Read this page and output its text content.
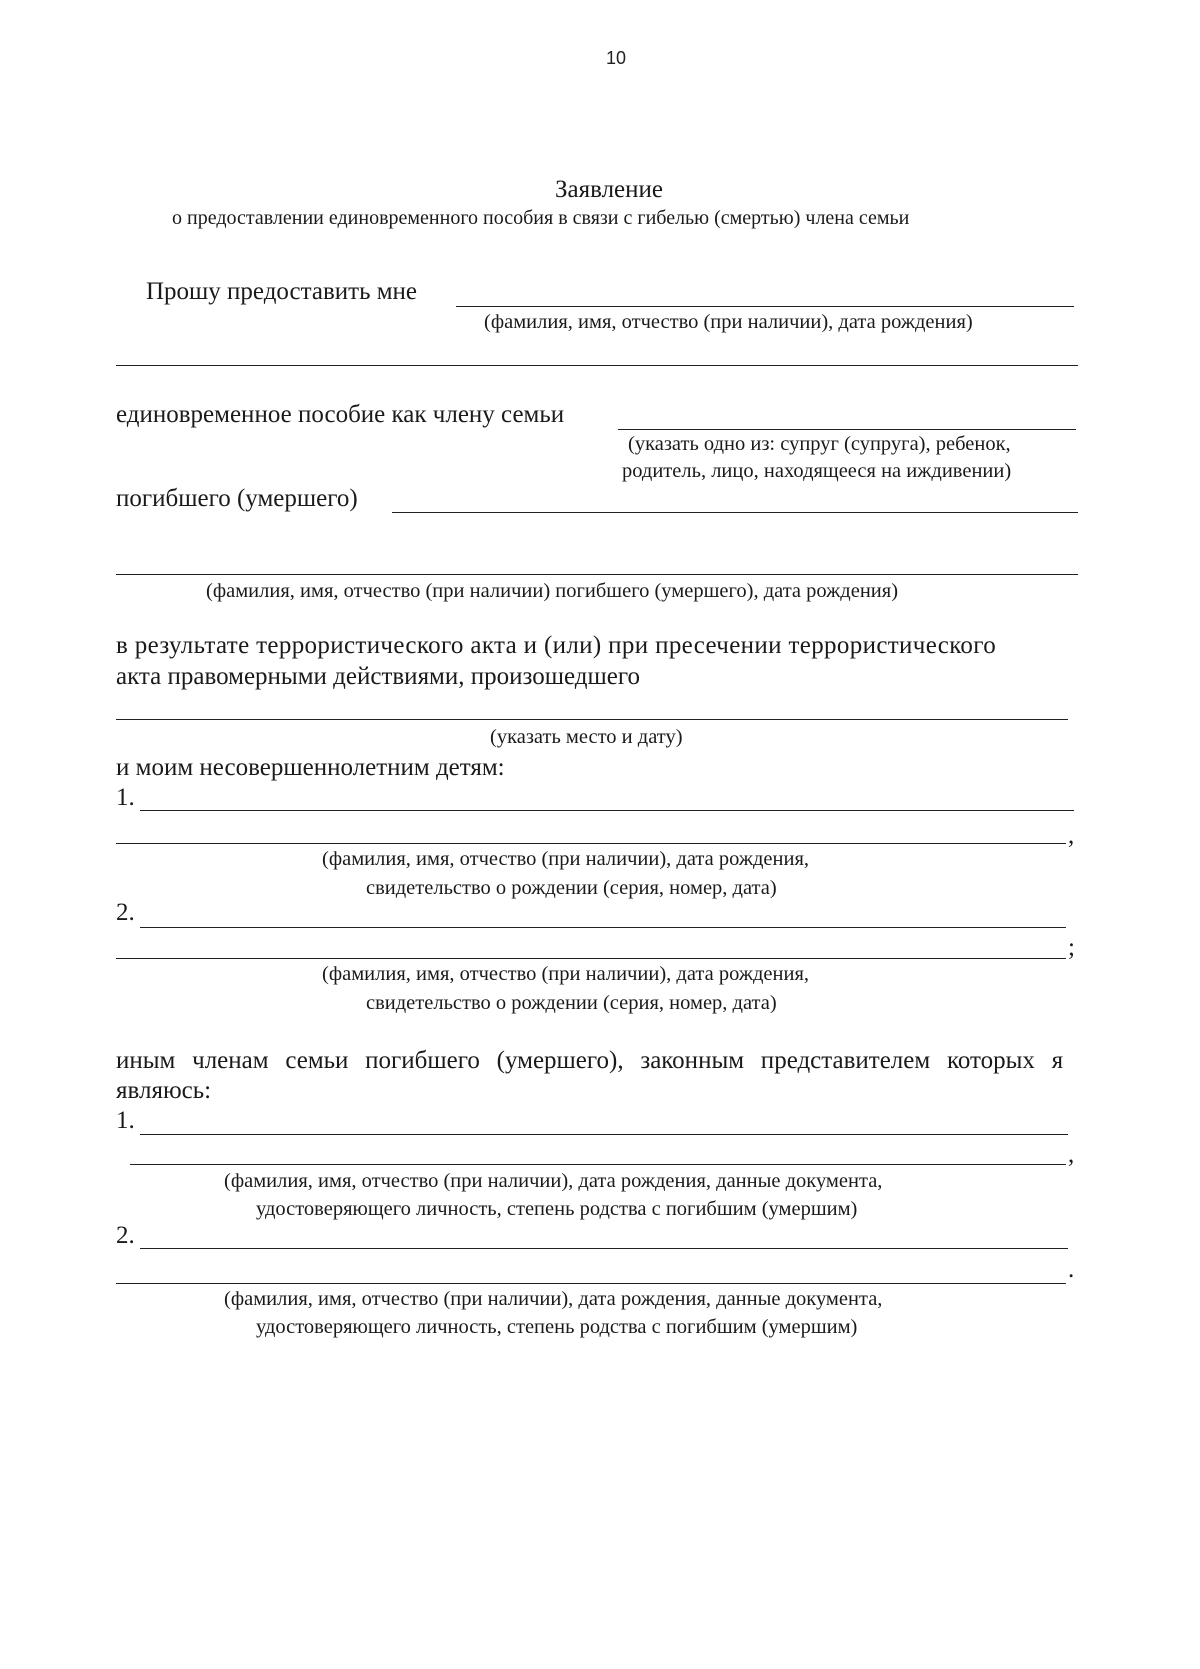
10
Заявление
о предоставлении единовременного пособия в связи с гибелью (смертью) члена семьи
Прошу предоставить мне
(фамилия, имя, отчество (при наличии), дата рождения)
единовременное пособие как члену семьи
(указать одно из: супруг (супруга), ребенок,
родитель, лицо, находящееся на иждивении)
погибшего (умершего)
(фамилия, имя, отчество (при наличии) погибшего (умершего), дата рождения)
в результате террористического акта и (или) при пресечении террористического
акта правомерными действиями, произошедшего
(указать место и дату)
и моим несовершеннолетним детям:
1.
,
(фамилия, имя, отчество (при наличии), дата рождения,
свидетельство о рождении (серия, номер, дата)
2.
;
(фамилия, имя, отчество (при наличии), дата рождения,
свидетельство о рождении (серия, номер, дата)
иным членам семьи погибшего (умершего), законным представителем которых я
являюсь:
1.
,
(фамилия, имя, отчество (при наличии), дата рождения, данные документа,
удостоверяющего личность, степень родства с погибшим (умершим)
2.
.
(фамилия, имя, отчество (при наличии), дата рождения, данные документа,
удостоверяющего личность, степень родства с погибшим (умершим)
